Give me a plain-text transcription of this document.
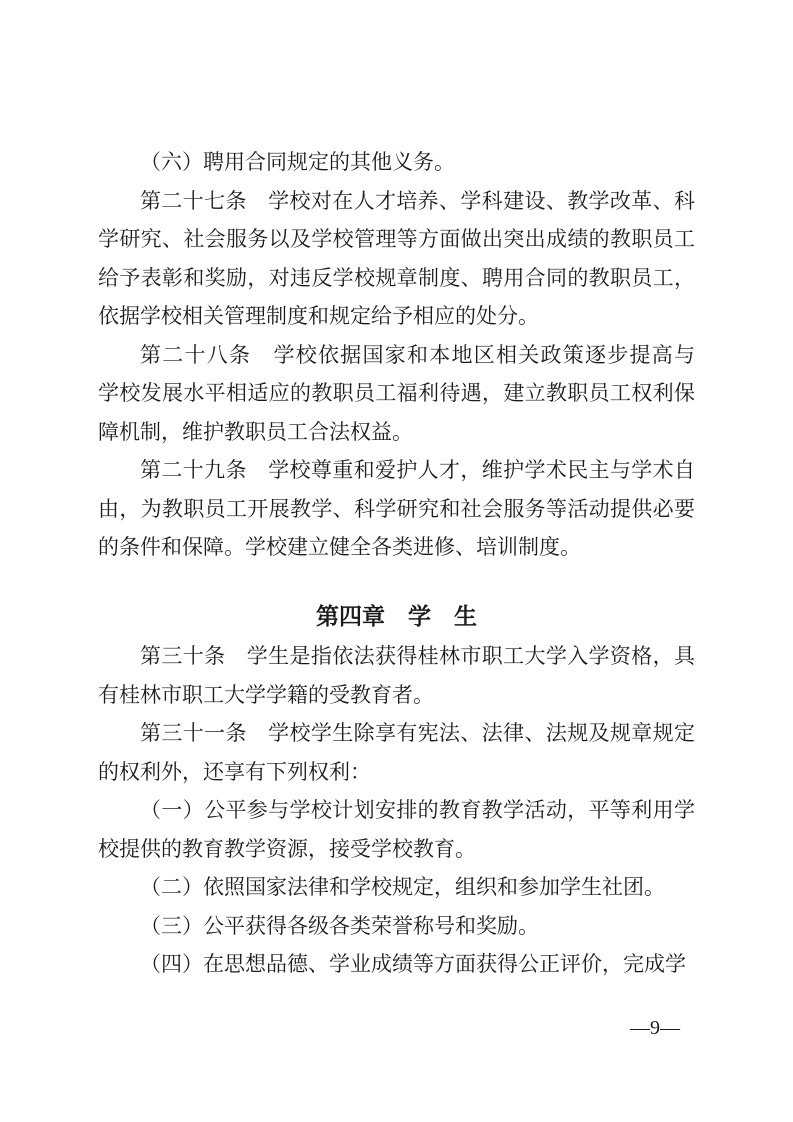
（六）聘用合同规定的其他义务。
第二十七条　学校对在人才培养、学科建设、教学改革、科
学研究、社会服务以及学校管理等方面做出突出成绩的教职员工
给予表彰和奖励，对违反学校规章制度、聘用合同的教职员工，
依据学校相关管理制度和规定给予相应的处分。
第二十八条　学校依据国家和本地区相关政策逐步提高与
学校发展水平相适应的教职员工福利待遇，建立教职员工权利保
障机制，维护教职员工合法权益。
第二十九条　学校尊重和爱护人才，维护学术民主与学术自
由，为教职员工开展教学、科学研究和社会服务等活动提供必要
的条件和保障。学校建立健全各类进修、培训制度。
第四章　学　生
第三十条　学生是指依法获得桂林市职工大学入学资格，具
有桂林市职工大学学籍的受教育者。
第三十一条　学校学生除享有宪法、法律、法规及规章规定
的权利外，还享有下列权利：
（一）公平参与学校计划安排的教育教学活动，平等利用学
校提供的教育教学资源，接受学校教育。
（二）依照国家法律和学校规定，组织和参加学生社团。
（三）公平获得各级各类荣誉称号和奖励。
（四）在思想品德、学业成绩等方面获得公正评价，完成学
—9—
